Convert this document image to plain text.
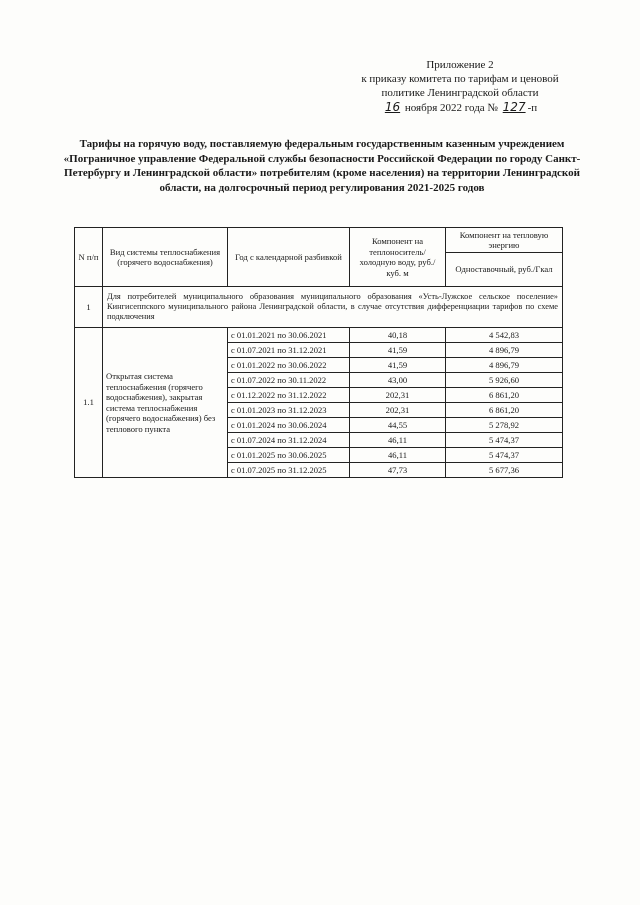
Приложение 2
к приказу комитета по тарифам и ценовой
политике Ленинградской области
16 ноября 2022 года № 127 -п
Тарифы на горячую воду, поставляемую федеральным государственным казенным учреждением «Пограничное управление Федеральной службы безопасности Российской Федерации по городу Санкт-Петербургу и Ленинградской области» потребителям (кроме населения) на территории Ленинградской области, на долгосрочный период регулирования 2021-2025 годов
N п/п	Вид системы теплоснабжения (горячего водоснабжения)	Год с календарной разбивкой	Компонент на теплоноситель/ холодную воду, руб./куб. м	Компонент на тепловую энергию
				Одноставочный, руб./Гкал
1	Для потребителей муниципального образования муниципального образования «Усть-Лужское сельское поселение» Кингисеппского муниципального района Ленинградской области, в случае отсутствия дифференциации тарифов по схеме подключения			
1.1	Открытая система теплоснабжения (горячего водоснабжения), закрытая система теплоснабжения (горячего водоснабжения) без теплового пункта	с 01.01.2021 по 30.06.2021	40,18	4 542,83
		с 01.07.2021 по 31.12.2021	41,59	4 896,79
		с 01.01.2022 по 30.06.2022	41,59	4 896,79
		с 01.07.2022 по 30.11.2022	43,00	5 926,60
		с 01.12.2022 по 31.12.2022	202,31	6 861,20
		с 01.01.2023 по 31.12.2023	202,31	6 861,20
		с 01.01.2024 по 30.06.2024	44,55	5 278,92
		с 01.07.2024 по 31.12.2024	46,11	5 474,37
		с 01.01.2025 по 30.06.2025	46,11	5 474,37
		с 01.07.2025 по 31.12.2025	47,73	5 677,36
